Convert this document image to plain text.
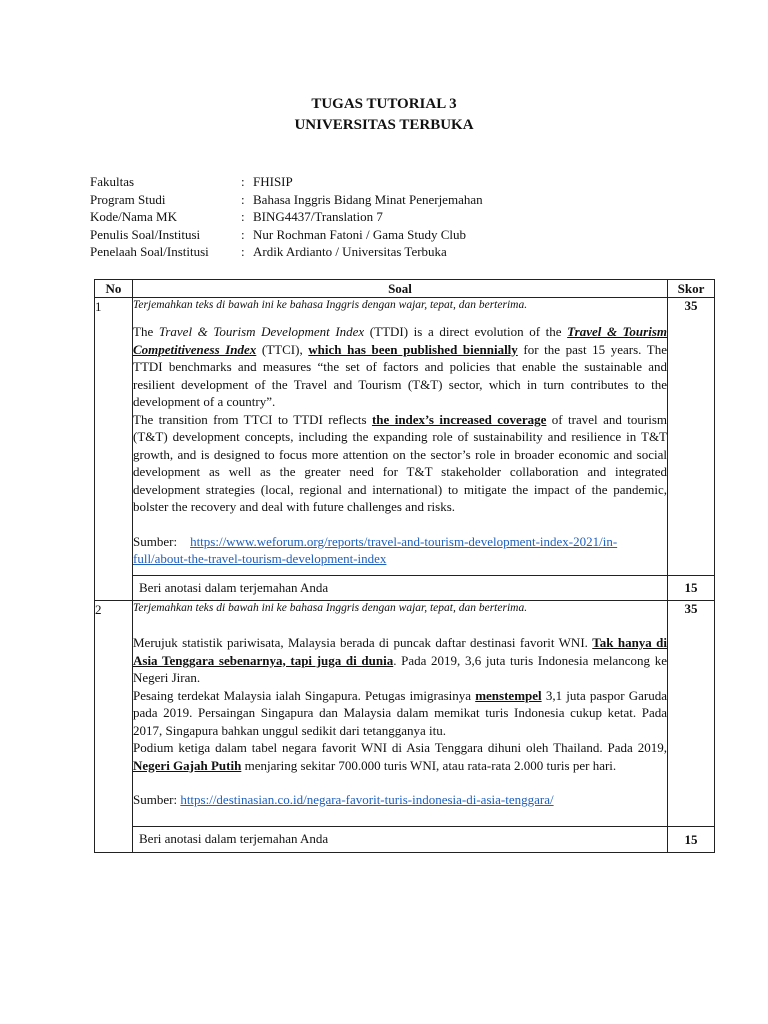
TUGAS TUTORIAL 3
UNIVERSITAS TERBUKA
Fakultas	: FHISIP
Program Studi	: Bahasa Inggris Bidang Minat Penerjemahan
Kode/Nama MK	: BING4437/Translation 7
Penulis Soal/Institusi	: Nur Rochman Fatoni / Gama Study Club
Penelaah Soal/Institusi	: Ardik Ardianto / Universitas Terbuka
No	Soal	Skor
1	Terjemahkan teks di bawah ini ke bahasa Inggris dengan wajar, tepat, dan berterima.

The Travel & Tourism Development Index (TTDI) is a direct evolution of the Travel & Tourism Competitiveness Index (TTCI), which has been published biennially for the past 15 years. The TTDI benchmarks and measures “the set of factors and policies that enable the sustainable and resilient development of the Travel and Tourism (T&T) sector, which in turn contributes to the development of a country”.

The transition from TTCI to TTDI reflects the index’s increased coverage of travel and tourism (T&T) development concepts, including the expanding role of sustainability and resilience in T&T growth, and is designed to focus more attention on the sector’s role in broader economic and social development as well as the greater need for T&T stakeholder collaboration and integrated development strategies (local, regional and international) to mitigate the impact of the pandemic, bolster the recovery and deal with future challenges and risks.

Sumber: https://www.weforum.org/reports/travel-and-tourism-development-index-2021/in-full/about-the-travel-tourism-development-index	35
	Beri anotasi dalam terjemahan Anda	15
2	Terjemahkan teks di bawah ini ke bahasa Inggris dengan wajar, tepat, dan berterima.

Merujuk statistik pariwisata, Malaysia berada di puncak daftar destinasi favorit WNI. Tak hanya di Asia Tenggara sebenarnya, tapi juga di dunia. Pada 2019, 3,6 juta turis Indonesia melancong ke Negeri Jiran.

Pesaing terdekat Malaysia ialah Singapura. Petugas imigrasinya menstempel 3,1 juta paspor Garuda pada 2019. Persaingan Singapura dan Malaysia dalam memikat turis Indonesia cukup ketat. Pada 2017, Singapura bahkan unggul sedikit dari tetangganya itu.

Podium ketiga dalam tabel negara favorit WNI di Asia Tenggara dihuni oleh Thailand. Pada 2019, Negeri Gajah Putih menjaring sekitar 700.000 turis WNI, atau rata-rata 2.000 turis per hari.

Sumber: https://destinasian.co.id/negara-favorit-turis-indonesia-di-asia-tenggara/	35
	Beri anotasi dalam terjemahan Anda	15
